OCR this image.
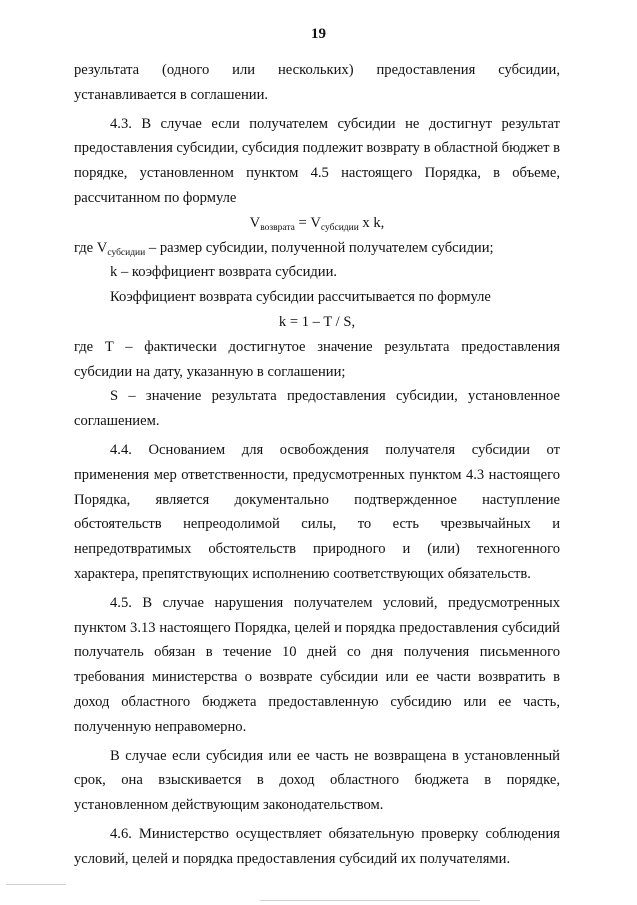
19

результата (одного или нескольких) предоставления субсидии, устанавливается в соглашении.

4.3. В случае если получателем субсидии не достигнут результат предоставления субсидии, субсидия подлежит возврату в областной бюджет в порядке, установленном пунктом 4.5 настоящего Порядка, в объеме, рассчитанном по формуле

$V_{возврата} = V_{субсидии}$ x k,

где $V_{субсидии}$ – размер субсидии, полученной получателем субсидии;

k – коэффициент возврата субсидии.

Коэффициент возврата субсидии рассчитывается по формуле

k = 1 – T / S,

где T – фактически достигнутое значение результата предоставления субсидии на дату, указанную в соглашении;

S – значение результата предоставления субсидии, установленное соглашением.

4.4. Основанием для освобождения получателя субсидии от применения мер ответственности, предусмотренных пунктом 4.3 настоящего Порядка, является документально подтвержденное наступление обстоятельств непреодолимой силы, то есть чрезвычайных и непредотвратимых обстоятельств природного и (или) техногенного характера, препятствующих исполнению соответствующих обязательств.

4.5. В случае нарушения получателем условий, предусмотренных пунктом 3.13 настоящего Порядка, целей и порядка предоставления субсидий получатель обязан в течение 10 дней со дня получения письменного требования министерства о возврате субсидии или ее части возвратить в доход областного бюджета предоставленную субсидию или ее часть, полученную неправомерно.

В случае если субсидия или ее часть не возвращена в установленный срок, она взыскивается в доход областного бюджета в порядке, установленном действующим законодательством.

4.6. Министерство осуществляет обязательную проверку соблюдения условий, целей и порядка предоставления субсидий их получателями.
